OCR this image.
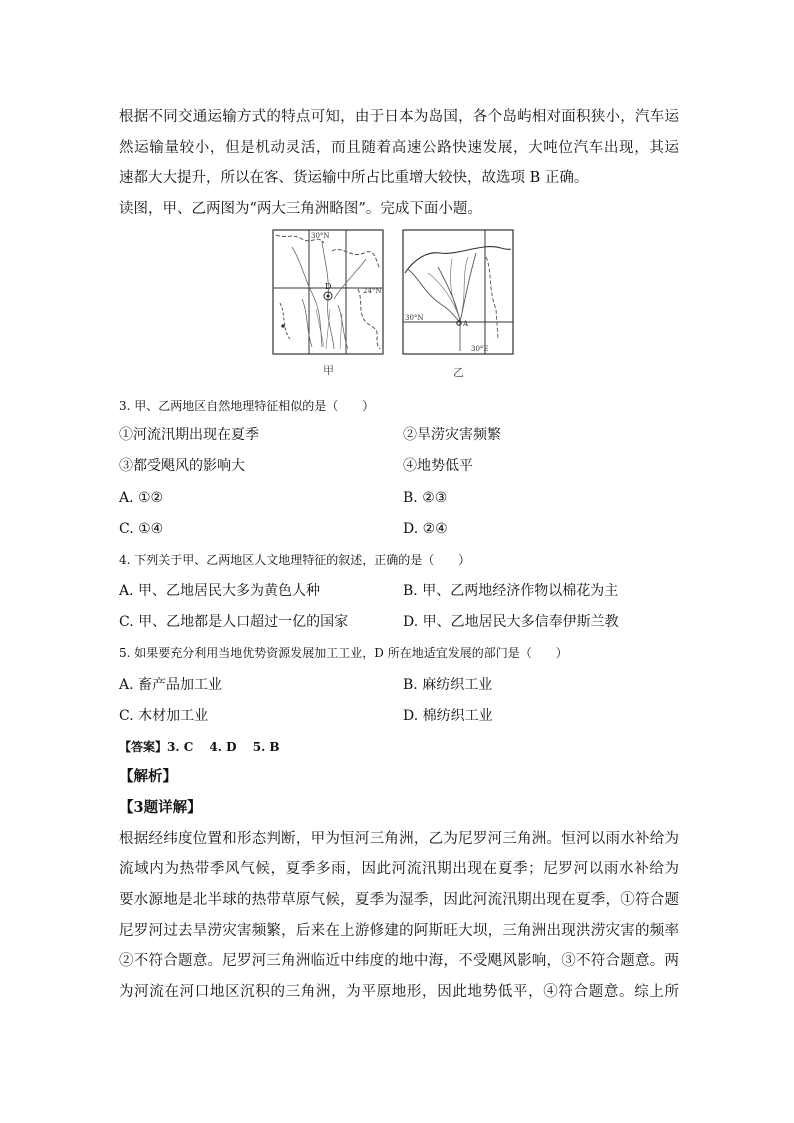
根据不同交通运输方式的特点可知，由于日本为岛国，各个岛屿相对面积狭小，汽车运
然运输量较小，但是机动灵活，而且随着高速公路快速发展，大吨位汽车出现，其运
速都大大提升，所以在客、货运输中所占比重增大较快，故选项 B 正确。
读图，甲、乙两图为“两大三角洲略图”。完成下面小题。
D
30°N
24°N
A
30°N
30°E
甲	乙
3. 甲、乙两地区自然地理特征相似的是（　　）
①河流汛期出现在夏季	②旱涝灾害频繁
③都受飓风的影响大	④地势低平
A. ①②	B. ②③
C. ①④	D. ②④
4. 下列关于甲、乙两地区人文地理特征的叙述，正确的是（　　）
A. 甲、乙地居民大多为黄色人种	B. 甲、乙两地经济作物以棉花为主
C. 甲、乙地都是人口超过一亿的国家	D. 甲、乙地居民大多信奉伊斯兰教
5. 如果要充分利用当地优势资源发展加工工业，D 所在地适宜发展的部门是（　　）
A. 畜产品加工业	B. 麻纺织工业
C. 木材加工业	D. 棉纺织工业
【答案】3. C　 4. D　 5. B
【解析】
【3题详解】
根据经纬度位置和形态判断，甲为恒河三角洲，乙为尼罗河三角洲。恒河以雨水补给为
流域内为热带季风气候，夏季多雨，因此河流汛期出现在夏季；尼罗河以雨水补给为
要水源地是北半球的热带草原气候，夏季为湿季，因此河流汛期出现在夏季，①符合题
尼罗河过去旱涝灾害频繁，后来在上游修建的阿斯旺大坝，三角洲出现洪涝灾害的频率
②不符合题意。尼罗河三角洲临近中纬度的地中海，不受飓风影响，③不符合题意。两
为河流在河口地区沉积的三角洲，为平原地形，因此地势低平，④符合题意。综上所
